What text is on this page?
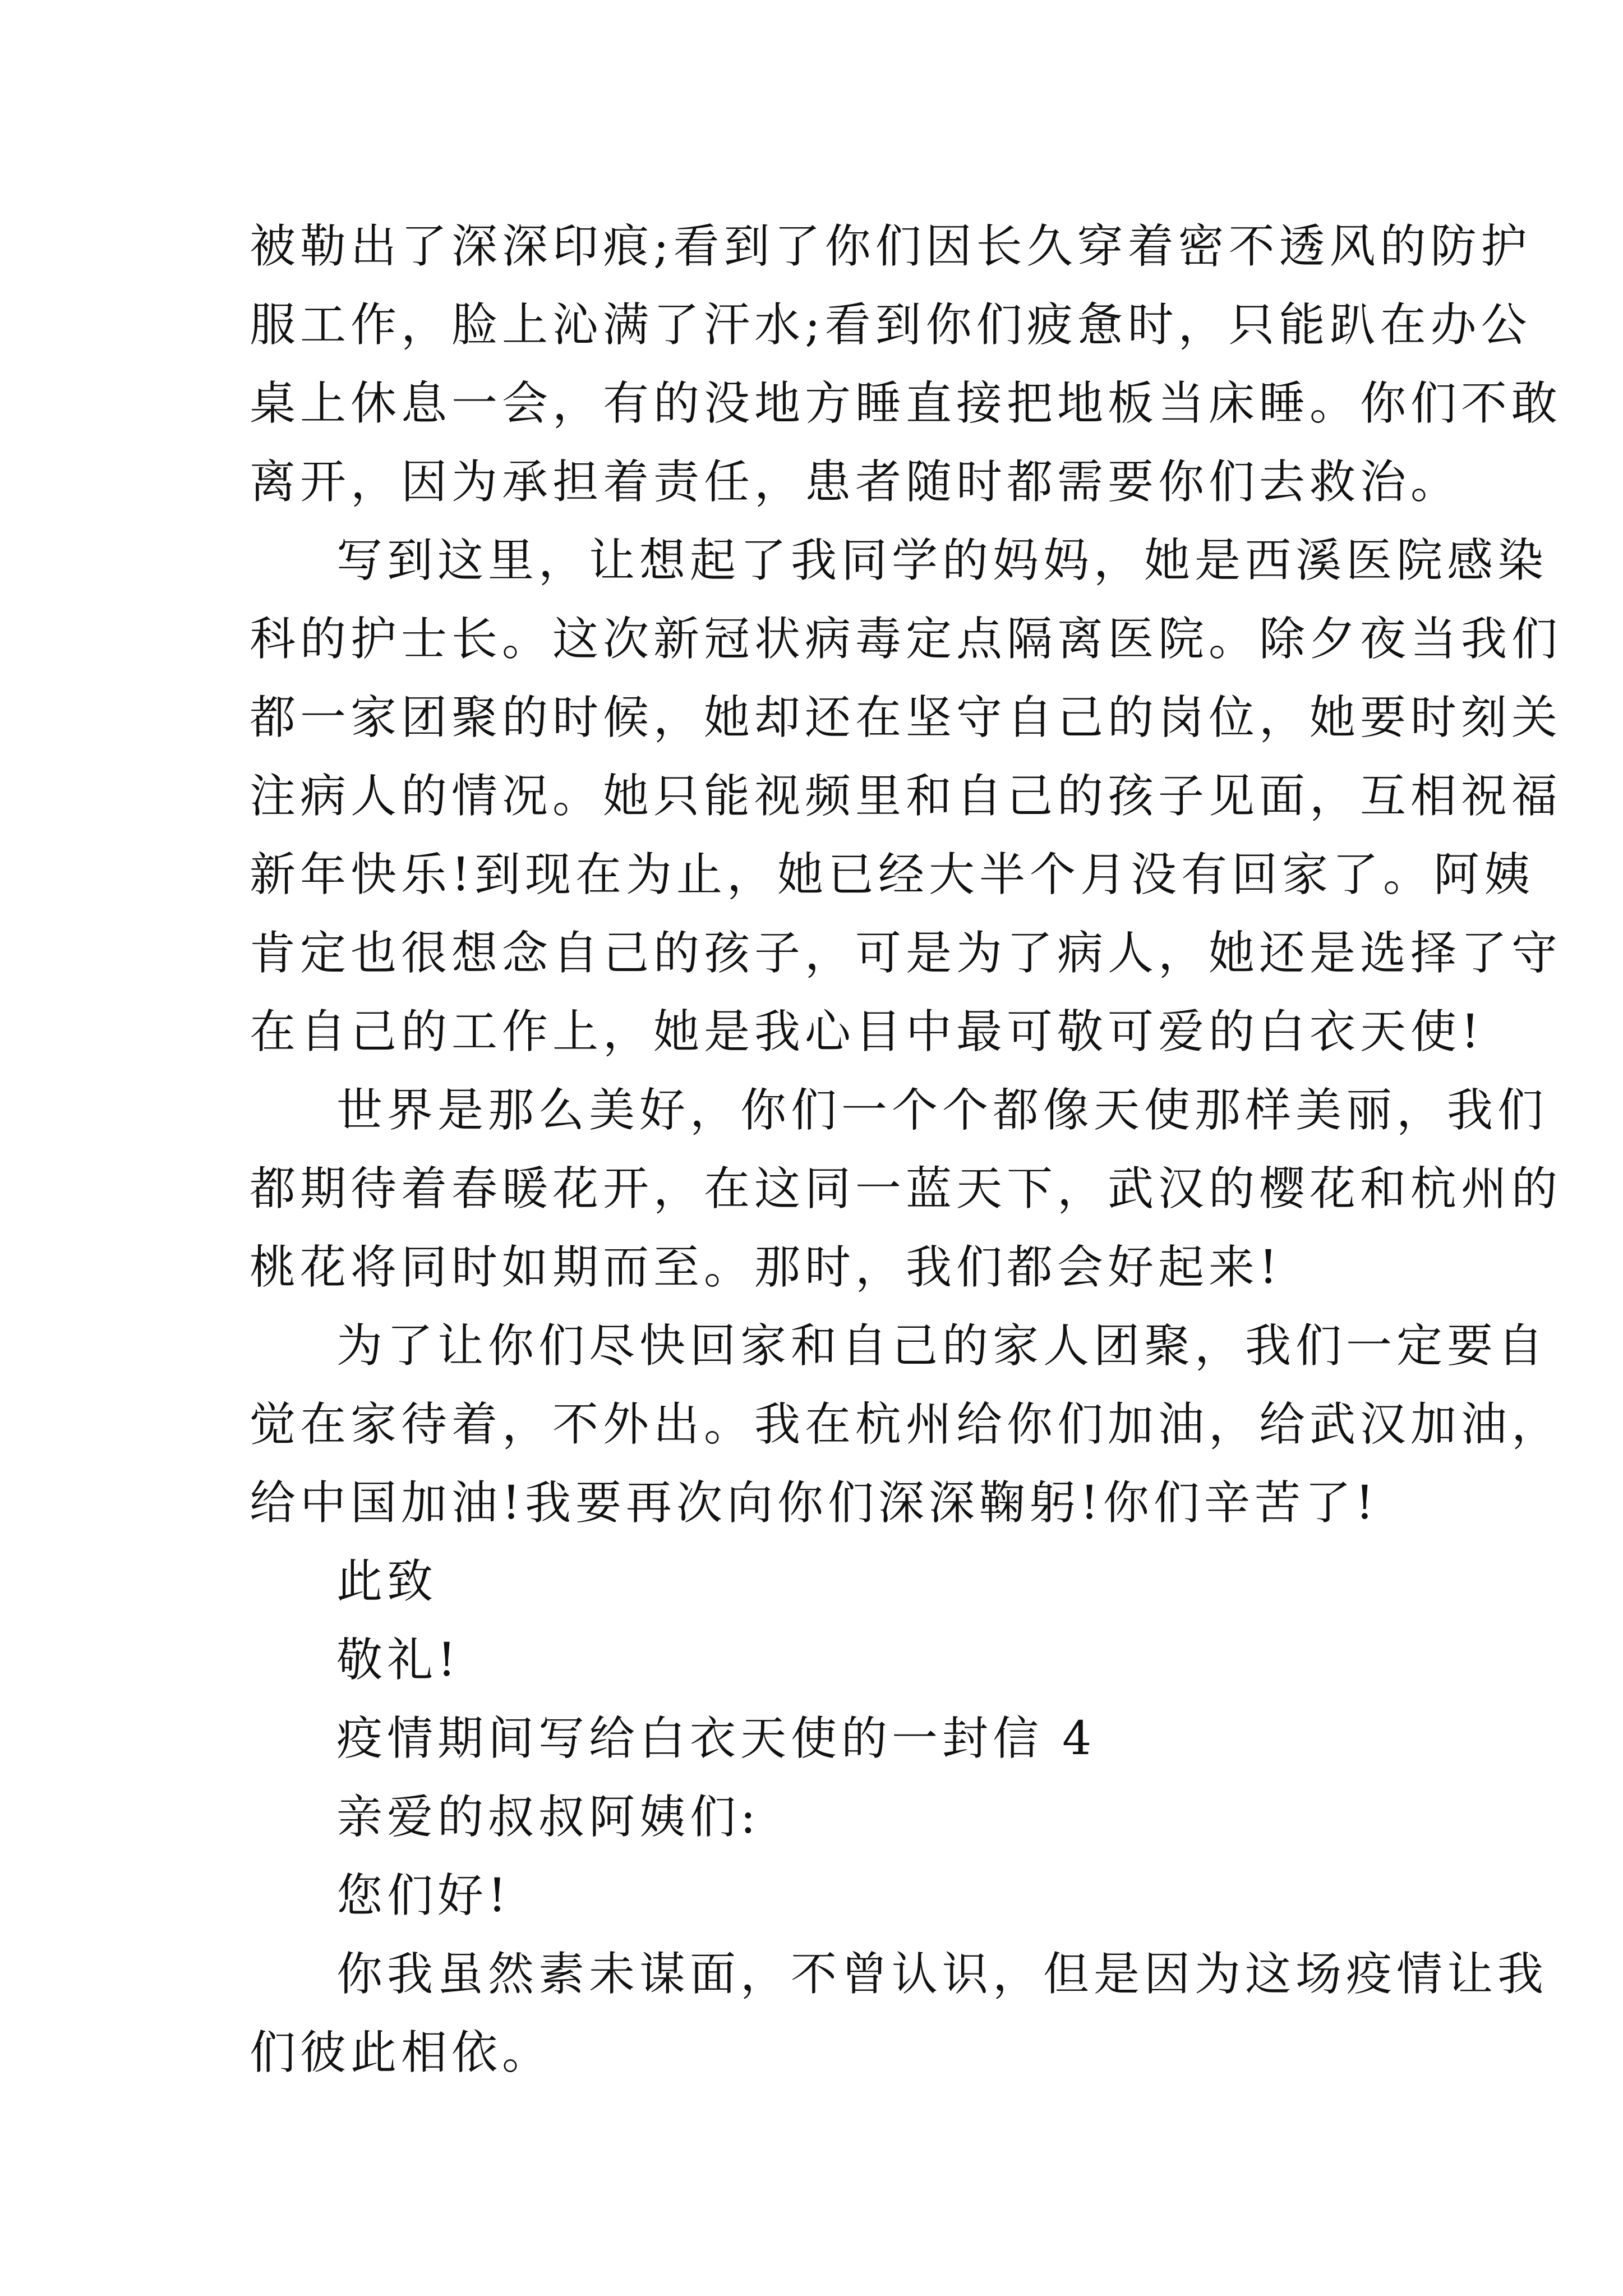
被勒出了深深印痕;看到了你们因长久穿着密不透风的防护
服工作，脸上沁满了汗水;看到你们疲惫时，只能趴在办公
桌上休息一会，有的没地方睡直接把地板当床睡。你们不敢
离开，因为承担着责任，患者随时都需要你们去救治。
写到这里，让想起了我同学的妈妈，她是西溪医院感染
科的护士长。这次新冠状病毒定点隔离医院。除夕夜当我们
都一家团聚的时候，她却还在坚守自己的岗位，她要时刻关
注病人的情况。她只能视频里和自己的孩子见面，互相祝福
新年快乐!到现在为止，她已经大半个月没有回家了。阿姨
肯定也很想念自己的孩子，可是为了病人，她还是选择了守
在自己的工作上，她是我心目中最可敬可爱的白衣天使!
世界是那么美好，你们一个个都像天使那样美丽，我们
都期待着春暖花开，在这同一蓝天下，武汉的樱花和杭州的
桃花将同时如期而至。那时，我们都会好起来!
为了让你们尽快回家和自己的家人团聚，我们一定要自
觉在家待着，不外出。我在杭州给你们加油，给武汉加油，
给中国加油!我要再次向你们深深鞠躬!你们辛苦了!
此致
敬礼!
疫情期间写给白衣天使的一封信 4
亲爱的叔叔阿姨们:
您们好!
你我虽然素未谋面，不曾认识，但是因为这场疫情让我
们彼此相依。
